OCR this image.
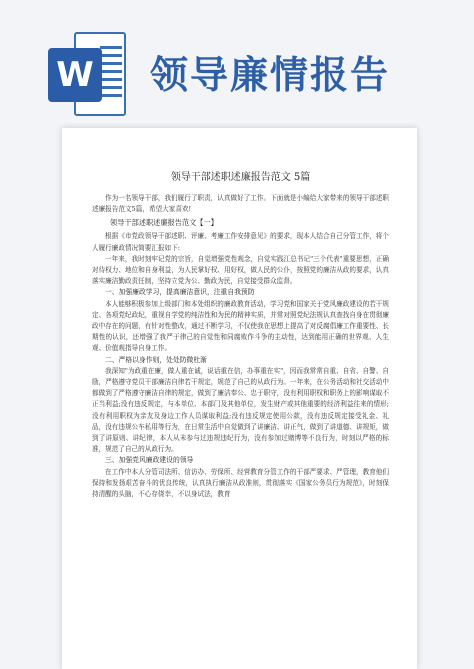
W 领导廉情报告
领导干部述职述廉报告范文 5篇

作为一名领导干部，我们履行了职责，认真做好了工作。下面就是小编给大家带来的领导干部述职述廉报告范文5篇，希望大家喜欢!

领导干部述职述廉报告范文【一】

根据《市党政领导干部述职、评廉、考廉工作安排意见》的要求，现本人结合自己分管工作，将个人履行廉政情况简要汇报如下:

一年来，我时刻牢记党的宗旨，自觉增强党性观念，自觉实践江总书记"三个代表"重要思想，正确对待权力、地位和自身利益，为人民掌好权、用好权，做人民的公仆，按照党的廉洁从政的要求，认真落实廉洁勤政责任制，坚持立党为公、勤政为民，自觉接受群众监督。

一、加强廉政学习，提高廉洁意识，注重自我预防

本人能够积极参加上级部门和本处组织的廉政教育活动，学习党和国家关于党风廉政建设的若干规定、各项党纪政纪，重视自学党的纯洁性和为民的精神实质，并常对照党纪法规认真查找自身在贯彻廉政中存在的问题，有针对性整改，通过不断学习，不仅使我在思想上提高了对反腐倡廉工作重要性、长期性的认识，还增强了我严于律己的自觉性和同腐败作斗争的主动性，达到能用正确的世界观、人生观、价值观指导自身工作。

二、严格以身作则，处处防微杜渐

我深知"为政重在廉，做人重在诚，说话重在信，办事重在实"，因而我常常自重、自省、自警、自励，严格遵守党员干部廉洁自律若干规定，规范了自己的从政行为。一年来，在公务活动和社交活动中都做到了严格遵守廉洁自律的规定，做到了廉洁奉公、忠于职守，没有利用职权和职务上的影响谋取不正当利益;没有违反规定，与本单位、本部门及其他单位，发生财产或其他重要的经济利益往来的情形;没有利用职权为亲友及身边工作人员谋取利益;没有违反规定使用公款，没有违反规定接受礼金、礼品，没有违规公车私用等行为，在日常生活中自觉做到了讲廉洁、讲正气，做到了讲道德、讲规矩，做到了讲原则、讲纪律，本人从未参与过违规违纪行为，没有参加过赌博等不良行为，时刻以严格的标准，规范了自己的从政行为。

三、加强党风廉政建设的领导

在工作中本人分管司法所、信访办、劳保所、经营教育分管工作的干部严要求、严管理，教育他们保持和发扬艰苦奋斗的优良传统，认真执行廉洁从政准则，贯彻落实《国家公务员行为规范》，时刻保持清醒的头脑，不心存侥幸，不以身试法，教育
